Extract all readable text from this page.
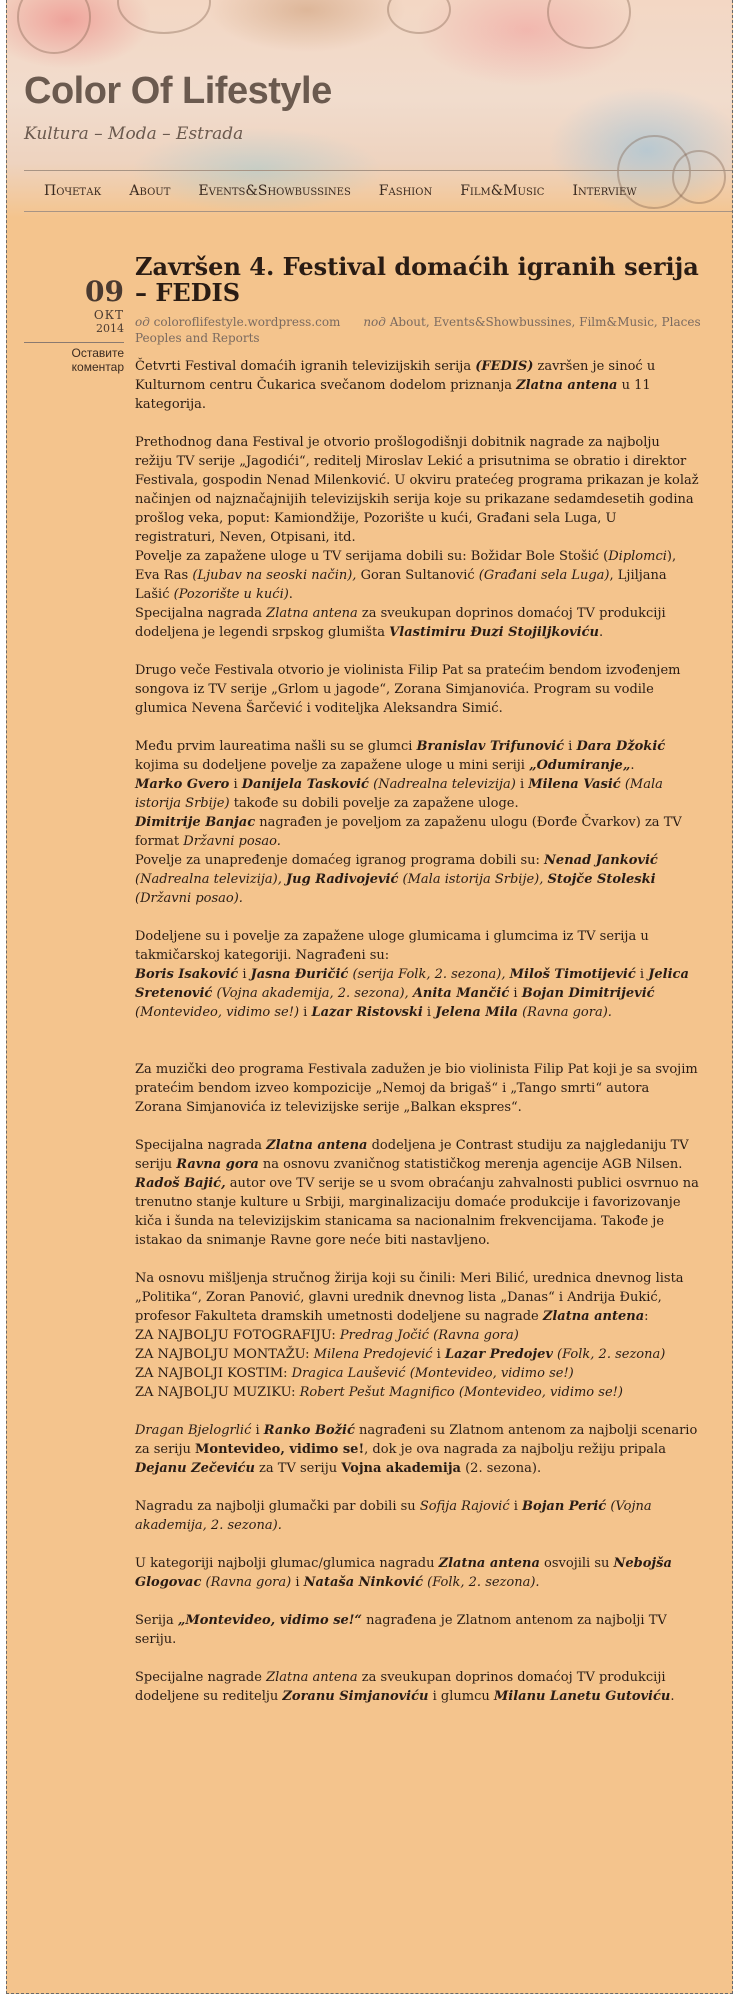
Color Of Lifestyle

Kultura – Moda – Estrada

Почетак About Events&Showbussines Fashion Film&Music Interview
09
ОКТ
2014
Оставите коментар
Završen 4. Festival domaćih igranih serija – FEDIS
од coloroflifestyle.wordpress.com под About, Events&Showbussines, Film&Music, Places Peoples and Reports

Četvrti Festival domaćih igranih televizijskih serija (FEDIS) završen je sinoć u Kulturnom centru Čukarica svečanom dodelom priznanja Zlatna antena u 11 kategorija.

Prethodnog dana Festival je otvorio prošlogodišnji dobitnik nagrade za najbolju režiju TV serije „Jagodići“, reditelj Miroslav Lekić a prisutnima se obratio i direktor Festivala, gospodin Nenad Milenković. U okviru pratećeg programa prikazan je kolaž načinjen od najznačajnijih televizijskih serija koje su prikazane sedamdesetih godina prošlog veka, poput: Kamiondžije, Pozorište u kući, Građani sela Luga, U registraturi, Neven, Otpisani, itd.

Povelje za zapažene uloge u TV serijama dobili su: Božidar Bole Stošić (Diplomci), Eva Ras (Ljubav na seoski način), Goran Sultanović (Građani sela Luga), Ljiljana Lašić (Pozorište u kući).

Specijalna nagrada Zlatna antena za sveukupan doprinos domaćoj TV produkciji dodeljena je legendi srpskog glumišta Vlastimiru Đuzi Stojiljkoviću.

Drugo veče Festivala otvorio je violinista Filip Pat sa pratećim bendom izvođenjem songova iz TV serije „Grlom u jagode“, Zorana Simjanovića. Program su vodile glumica Nevena Šarčević i voditeljka Aleksandra Simić.

Među prvim laureatima našli su se glumci Branislav Trifunović i Dara Džokić kojima su dodeljene povelje za zapažene uloge u mini seriji „Odumiranje„.

Marko Gvero i Danijela Tasković (Nadrealna televizija) i Milena Vasić (Mala istorija Srbije) takođe su dobili povelje za zapažene uloge.

Dimitrije Banjac nagrađen je poveljom za zapaženu ulogu (Đorđe Čvarkov) za TV format Državni posao.

Povelje za unapređenje domaćeg igranog programa dobili su: Nenad Janković (Nadrealna televizija), Jug Radivojević (Mala istorija Srbije), Stojče Stoleski (Državni posao).

Dodeljene su i povelje za zapažene uloge glumicama i glumcima iz TV serija u takmičarskoj kategoriji. Nagrađeni su:
Boris Isaković i Jasna Đuričić (serija Folk, 2. sezona), Miloš Timotijević i Jelica Sretenović (Vojna akademija, 2. sezona), Anita Mančić i Bojan Dimitrijević (Montevideo, vidimo se!) i Lazar Ristovski i Jelena Mila (Ravna gora).

Za muzički deo programa Festivala zadužen je bio violinista Filip Pat koji je sa svojim pratećim bendom izveo kompozicije „Nemoj da brigaš“ i „Tango smrti“ autora Zorana Simjanovića iz televizijske serije „Balkan ekspres“.

Specijalna nagrada Zlatna antena dodeljena je Contrast studiju za najgledaniju TV seriju Ravna gora na osnovu zvaničnog statističkog merenja agencije AGB Nilsen.

Radoš Bajić, autor ove TV serije se u svom obraćanju zahvalnosti publici osvrnuo na trenutno stanje kulture u Srbiji, marginalizaciju domaće produkcije i favorizovanje kiča i šunda na televizijskim stanicama sa nacionalnim frekvencijama. Takođe je istakao da snimanje Ravne gore neće biti nastavljeno.

Na osnovu mišljenja stručnog žirija koji su činili: Meri Bilić, urednica dnevnog lista „Politika“, Zoran Panović, glavni urednik dnevnog lista „Danas“ i Andrija Đukić, profesor Fakulteta dramskih umetnosti dodeljene su nagrade Zlatna antena:

ZA NAJBOLJU FOTOGRAFIJU: Predrag Jočić (Ravna gora)

ZA NAJBOLJU MONTAŽU: Milena Predojević i Lazar Predojev (Folk, 2. sezona)

ZA NAJBOLJI KOSTIM: Dragica Laušević (Montevideo, vidimo se!)

ZA NAJBOLJU MUZIKU: Robert Pešut Magnifico (Montevideo, vidimo se!)

Dragan Bjelogrlić i Ranko Božić nagrađeni su Zlatnom antenom za najbolji scenario za seriju Montevideo, vidimo se!, dok je ova nagrada za najbolju režiju pripala Dejanu Zečeviću za TV seriju Vojna akademija (2. sezona).

Nagradu za najbolji glumački par dobili su Sofija Rajović i Bojan Perić (Vojna akademija, 2. sezona).

U kategoriji najbolji glumac/glumica nagradu Zlatna antena osvojili su Nebojša Glogovac (Ravna gora) i Nataša Ninković (Folk, 2. sezona).

Serija „Montevideo, vidimo se!“ nagrađena je Zlatnom antenom za najbolji TV seriju.

Specijalne nagrade Zlatna antena za sveukupan doprinos domaćoj TV produkciji dodeljene su reditelju Zoranu Simjanoviću i glumcu Milanu Lanetu Gutoviću.
